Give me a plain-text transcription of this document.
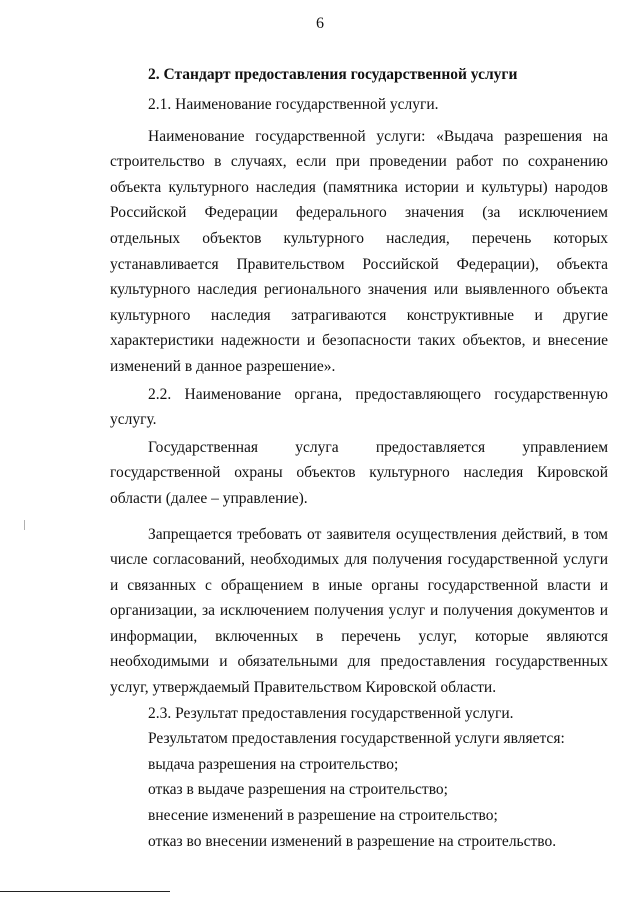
6

2. Стандарт предоставления государственной услуги

2.1. Наименование государственной услуги.

Наименование государственной услуги: «Выдача разрешения на строительство в случаях, если при проведении работ по сохранению объекта культурного наследия (памятника истории и культуры) народов Российской Федерации федерального значения (за исключением отдельных объектов культурного наследия, перечень которых устанавливается Правительством Российской Федерации), объекта культурного наследия регионального значения или выявленного объекта культурного наследия затрагиваются конструктивные и другие характеристики надежности и безопасности таких объектов, и внесение изменений в данное разрешение».

2.2. Наименование органа, предоставляющего государственную услугу.

Государственная услуга предоставляется управлением государственной охраны объектов культурного наследия Кировской области (далее – управление).

Запрещается требовать от заявителя осуществления действий, в том числе согласований, необходимых для получения государственной услуги и связанных с обращением в иные органы государственной власти и организации, за исключением получения услуг и получения документов и информации, включенных в перечень услуг, которые являются необходимыми и обязательными для предоставления государственных услуг, утверждаемый Правительством Кировской области.

2.3. Результат предоставления государственной услуги.

Результатом предоставления государственной услуги является:

выдача разрешения на строительство;

отказ в выдаче разрешения на строительство;

внесение изменений в разрешение на строительство;

отказ во внесении изменений в разрешение на строительство.
